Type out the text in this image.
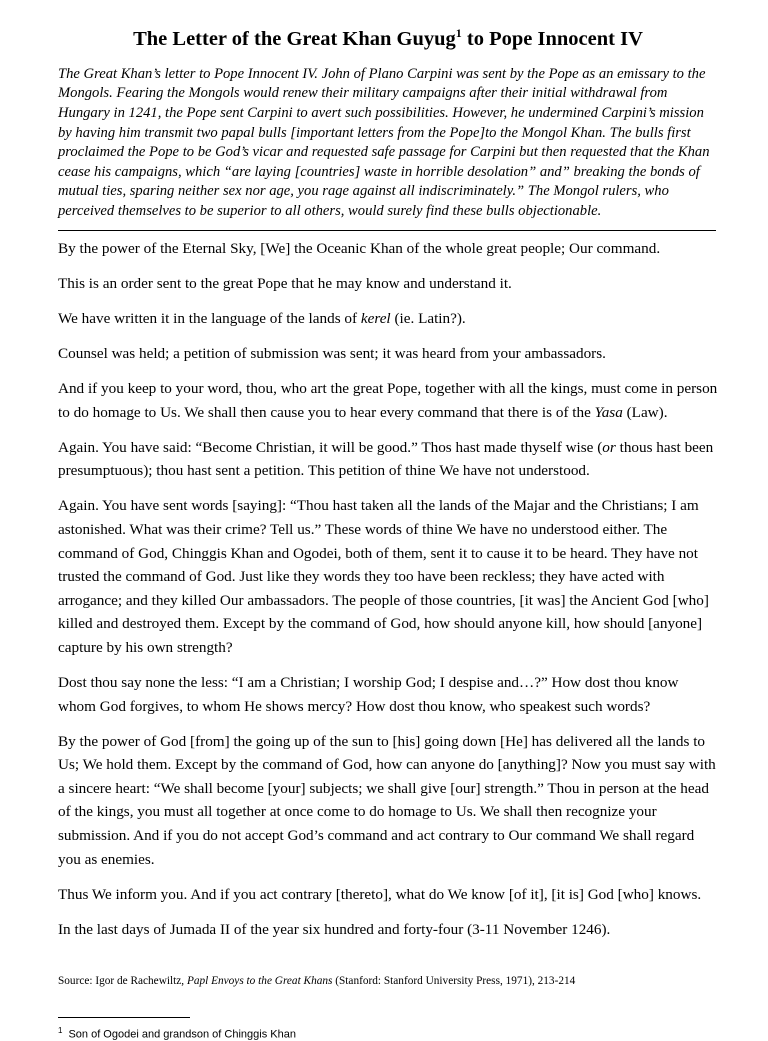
The Letter of the Great Khan Guyug$^1$ to Pope Innocent IV

The Great Khan’s letter to Pope Innocent IV. John of Plano Carpini was sent by the Pope as an emissary to the Mongols. Fearing the Mongols would renew their military campaigns after their initial withdrawal from Hungary in 1241, the Pope sent Carpini to avert such possibilities. However, he undermined Carpini’s mission by having him transmit two papal bulls [important letters from the Pope]to the Mongol Khan. The bulls first proclaimed the Pope to be God’s vicar and requested safe passage for Carpini but then requested that the Khan cease his campaigns, which “are laying [countries] waste in horrible desolation” and” breaking the bonds of mutual ties, sparing neither sex nor age, you rage against all indiscriminately.” The Mongol rulers, who perceived themselves to be superior to all others, would surely find these bulls objectionable.

By the power of the Eternal Sky, [We] the Oceanic Khan of the whole great people; Our command.

This is an order sent to the great Pope that he may know and understand it.

We have written it in the language of the lands of kerel (ie. Latin?).

Counsel was held; a petition of submission was sent; it was heard from your ambassadors.

And if you keep to your word, thou, who art the great Pope, together with all the kings, must come in person to do homage to Us. We shall then cause you to hear every command that there is of the Yasa (Law).

Again. You have said: “Become Christian, it will be good.” Thos hast made thyself wise (or thous hast been presumptuous); thou hast sent a petition. This petition of thine We have not understood.

Again. You have sent words [saying]: “Thou hast taken all the lands of the Majar and the Christians; I am astonished. What was their crime? Tell us.” These words of thine We have no understood either. The command of God, Chinggis Khan and Ogodei, both of them, sent it to cause it to be heard. They have not trusted the command of God. Just like they words they too have been reckless; they have acted with arrogance; and they killed Our ambassadors. The people of those countries, [it was] the Ancient God [who] killed and destroyed them. Except by the command of God, how should anyone kill, how should [anyone] capture by his own strength?

Dost thou say none the less: “I am a Christian; I worship God; I despise and…?” How dost thou know whom God forgives, to whom He shows mercy? How dost thou know, who speakest such words?

By the power of God [from] the going up of the sun to [his] going down [He] has delivered all the lands to Us; We hold them. Except by the command of God, how can anyone do [anything]? Now you must say with a sincere heart: “We shall become [your] subjects; we shall give [our] strength.” Thou in person at the head of the kings, you must all together at once come to do homage to Us. We shall then recognize your submission. And if you do not accept God’s command and act contrary to Our command We shall regard you as enemies.

Thus We inform you. And if you act contrary [thereto], what do We know [of it], [it is] God [who] knows.

In the last days of Jumada II of the year six hundred and forty-four (3-11 November 1246).

Source: Igor de Rachewiltz, Papl Envoys to the Great Khans (Stanford: Stanford University Press, 1971), 213-214
$^1$ Son of Ogodei and grandson of Chinggis Khan
